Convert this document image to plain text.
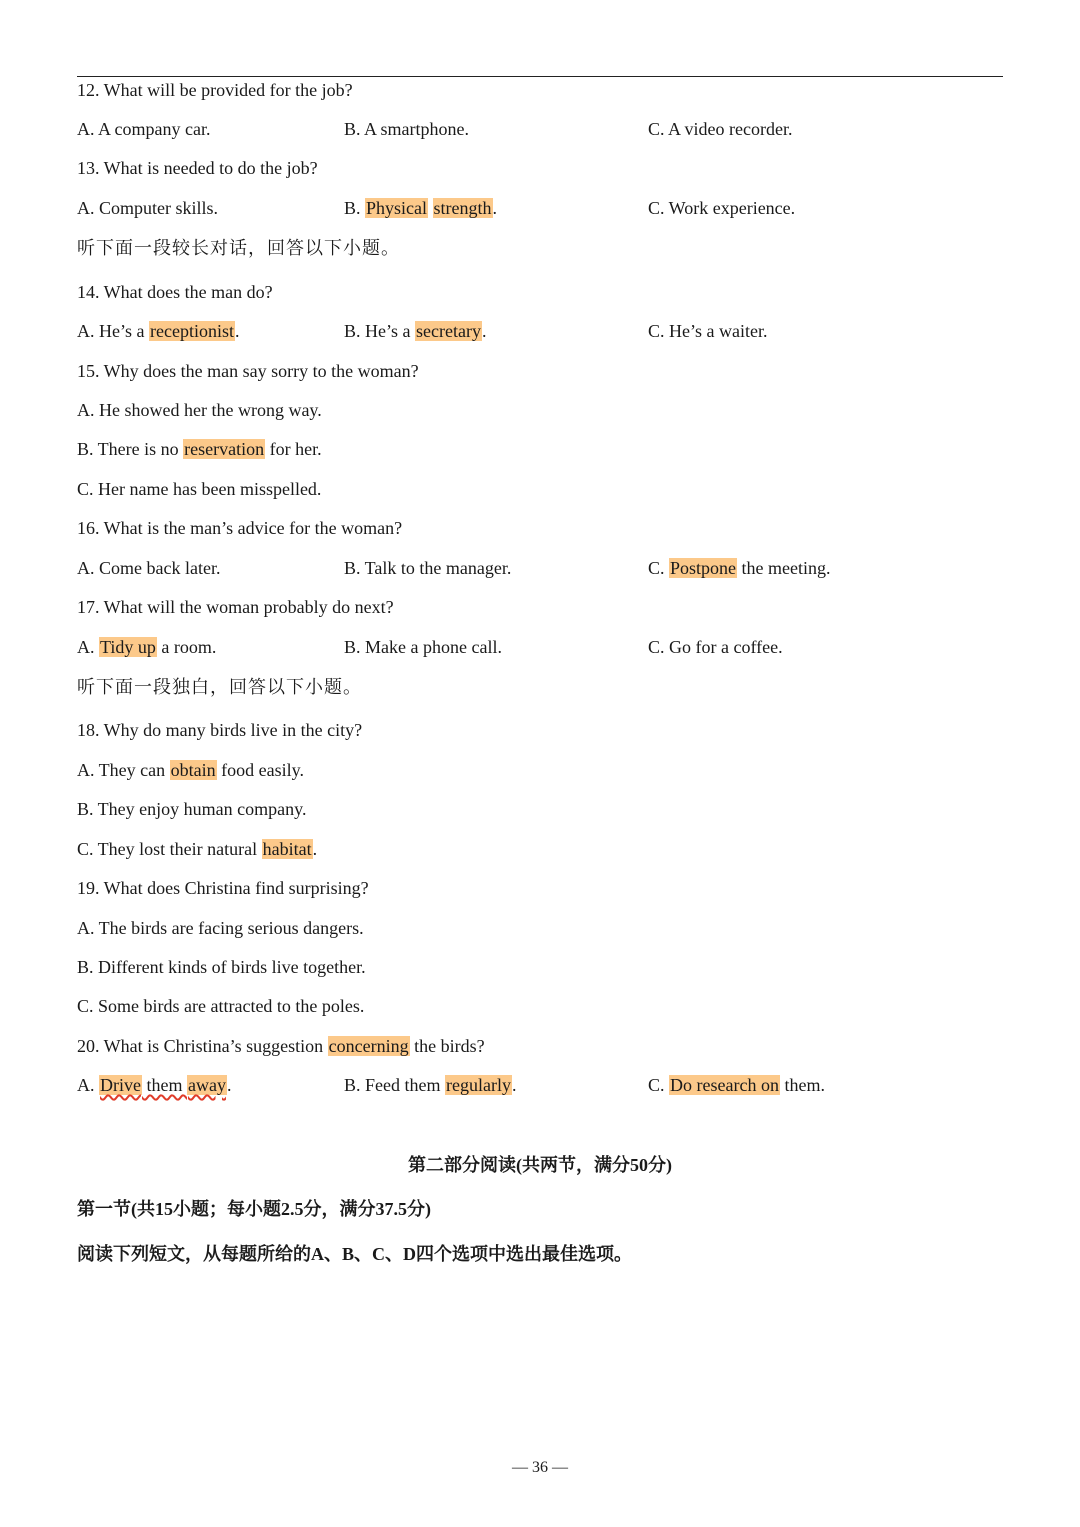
12. What will be provided for the job?
A. A company car.	B. A smartphone.	C. A video recorder.
13. What is needed to do the job?
A. Computer skills.	B. Physical strength.	C. Work experience.
听下面一段较长对话，回答以下小题。
14. What does the man do?
A. He’s a receptionist.	B. He’s a secretary.	C. He’s a waiter.
15. Why does the man say sorry to the woman?
A. He showed her the wrong way.
B. There is no reservation for her.
C. Her name has been misspelled.
16. What is the man’s advice for the woman?
A. Come back later.	B. Talk to the manager.	C. Postpone the meeting.
17. What will the woman probably do next?
A. Tidy up a room.	B. Make a phone call.	C. Go for a coffee.
听下面一段独白，回答以下小题。
18. Why do many birds live in the city?
A. They can obtain food easily.
B. They enjoy human company.
C. They lost their natural habitat.
19. What does Christina find surprising?
A. The birds are facing serious dangers.
B. Different kinds of birds live together.
C. Some birds are attracted to the poles.
20. What is Christina’s suggestion concerning the birds?
A. Drive them away.	B. Feed them regularly.	C. Do research on them.
第二部分阅读(共两节，满分50分)
第一节(共15小题；每小题2.5分，满分37.5分)
阅读下列短文，从每题所给的A、B、C、D四个选项中选出最佳选项。
— 36 —
